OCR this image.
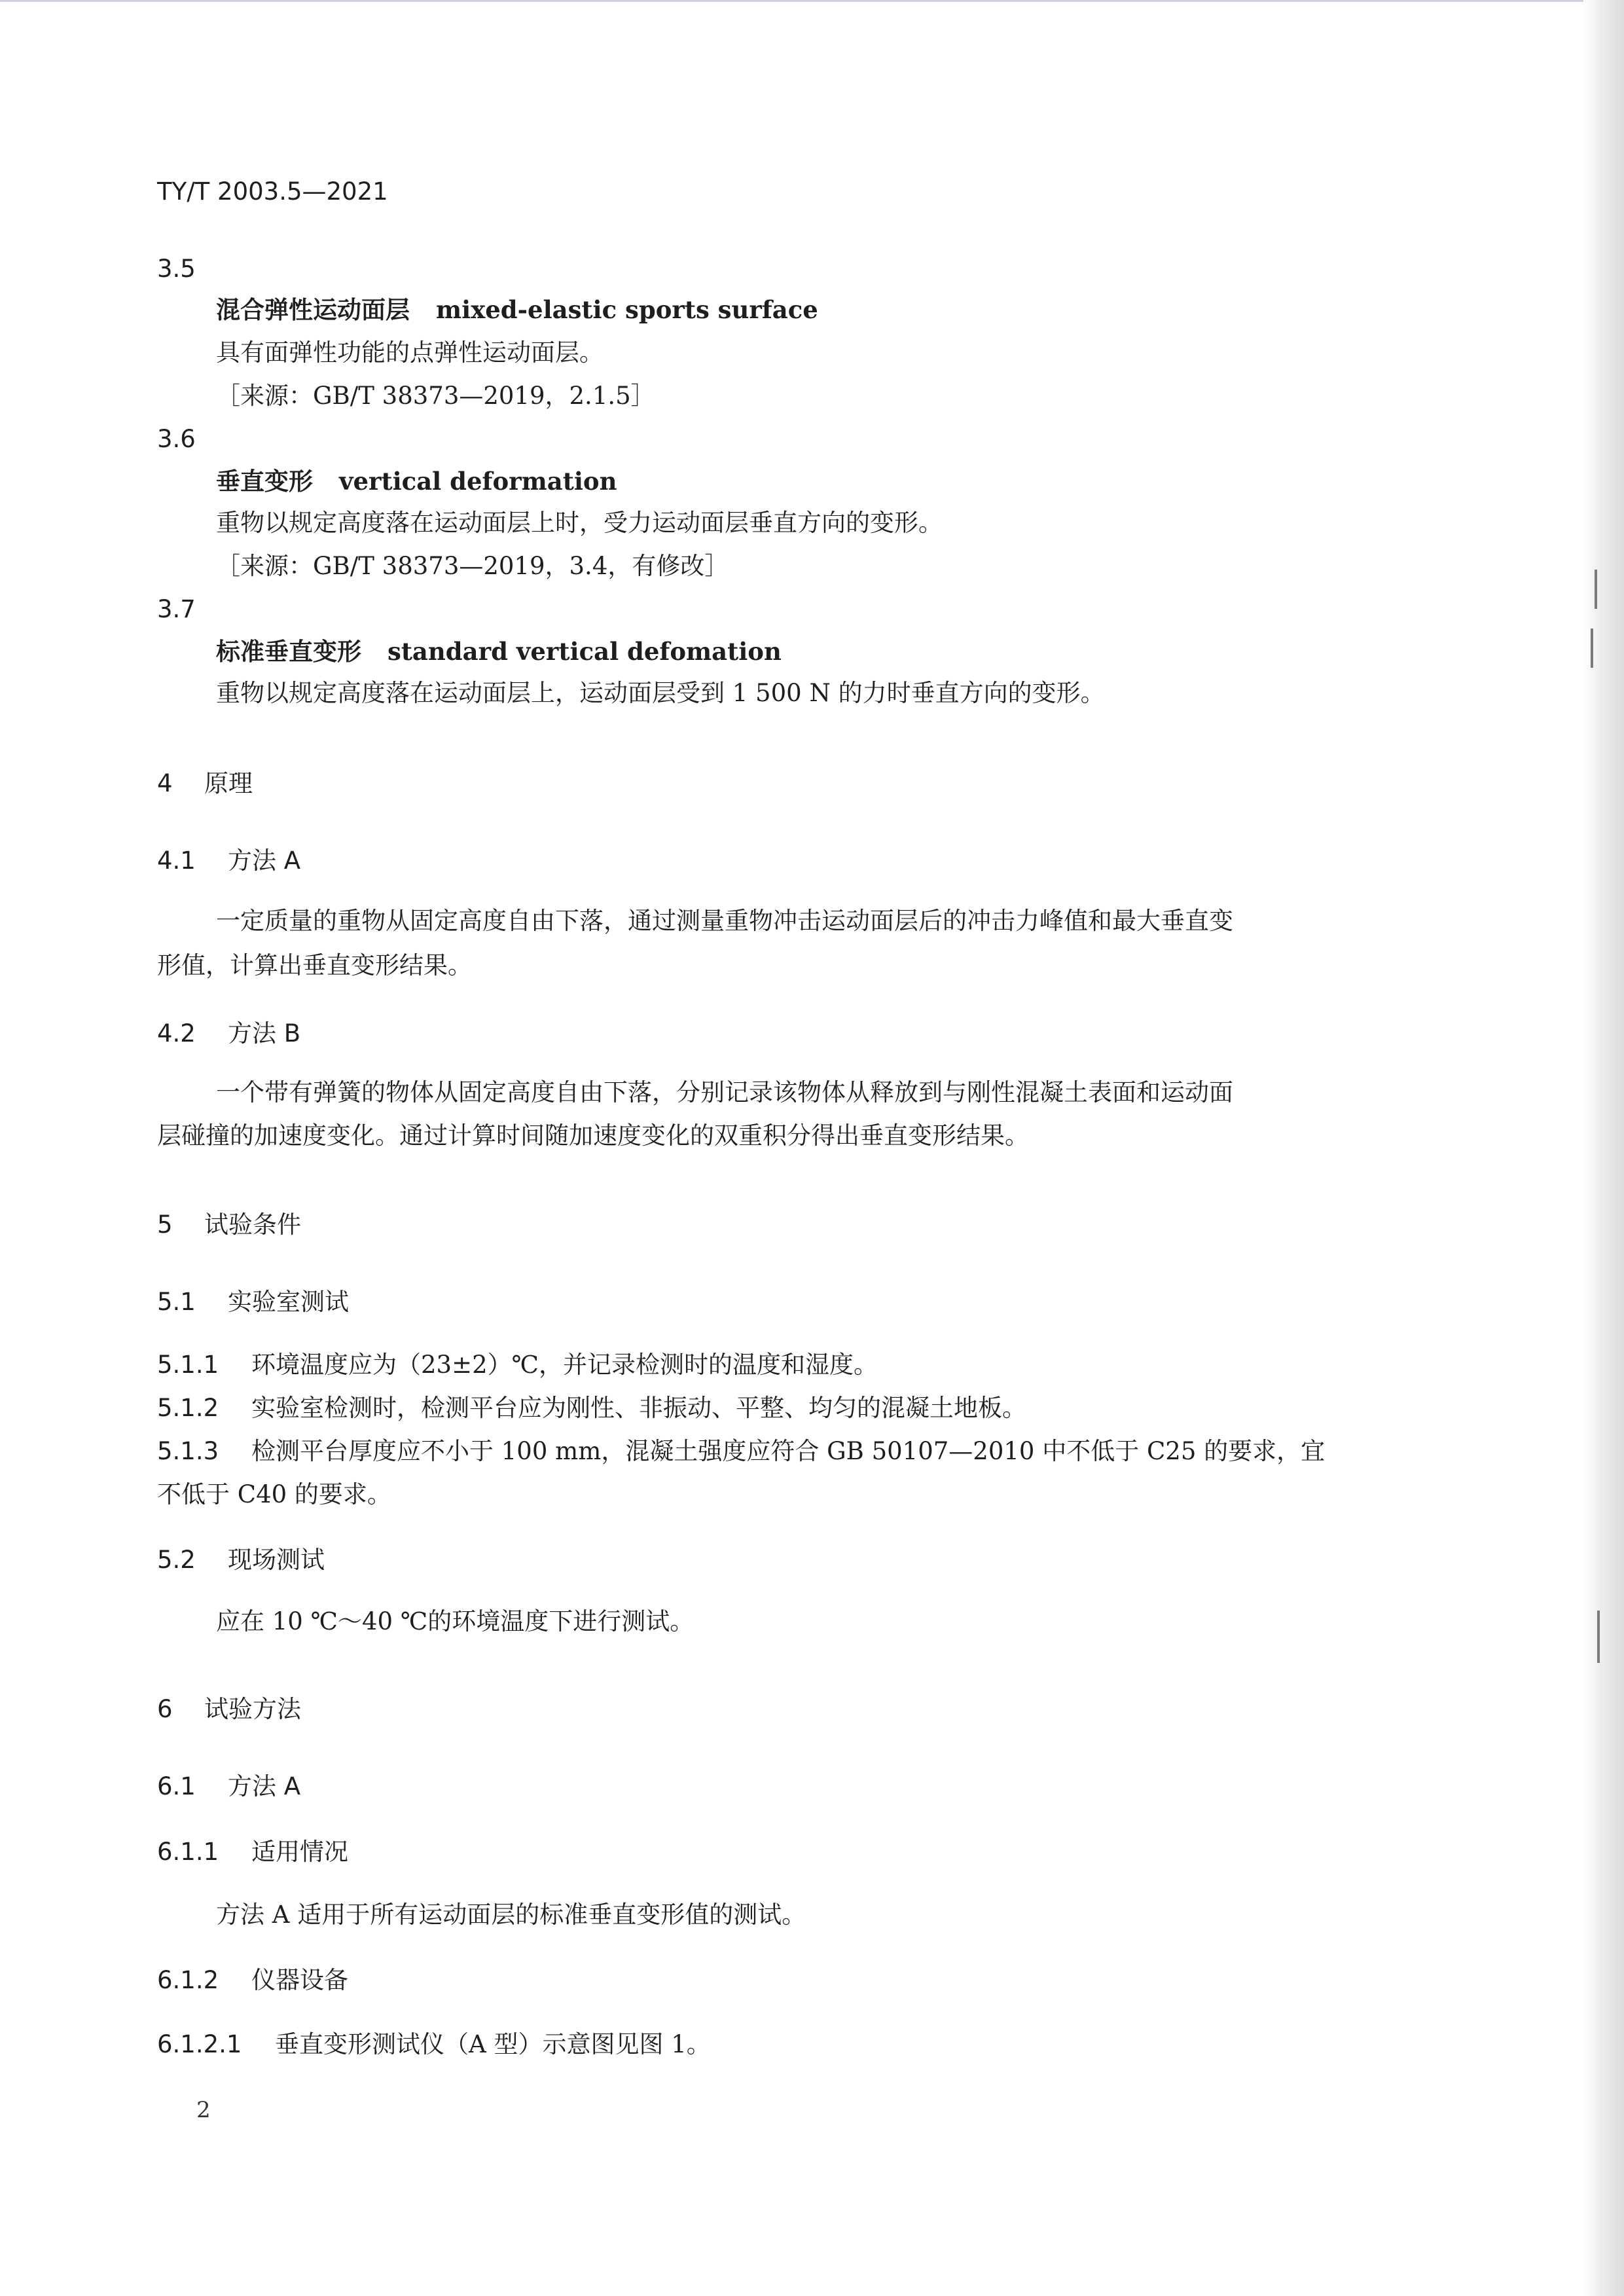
TY/T 2003.5—2021
3.5
混合弹性运动面层 mixed-elastic sports surface
具有面弹性功能的点弹性运动面层。
［来源：GB/T 38373—2019，2.1.5］
3.6
垂直变形 vertical deformation
重物以规定高度落在运动面层上时，受力运动面层垂直方向的变形。
［来源：GB/T 38373—2019，3.4，有修改］
3.7
标准垂直变形 standard vertical defomation
重物以规定高度落在运动面层上，运动面层受到 1 500 N 的力时垂直方向的变形。
4 原理
4.1 方法 A
一定质量的重物从固定高度自由下落，通过测量重物冲击运动面层后的冲击力峰值和最大垂直变
形值，计算出垂直变形结果。
4.2 方法 B
一个带有弹簧的物体从固定高度自由下落，分别记录该物体从释放到与刚性混凝土表面和运动面
层碰撞的加速度变化。通过计算时间随加速度变化的双重积分得出垂直变形结果。
5 试验条件
5.1 实验室测试
5.1.1 环境温度应为（23±2）℃，并记录检测时的温度和湿度。
5.1.2 实验室检测时，检测平台应为刚性、非振动、平整、均匀的混凝土地板。
5.1.3 检测平台厚度应不小于 100 mm，混凝土强度应符合 GB 50107—2010 中不低于 C25 的要求，宜
不低于 C40 的要求。
5.2 现场测试
应在 10 ℃～40 ℃的环境温度下进行测试。
6 试验方法
6.1 方法 A
6.1.1 适用情况
方法 A 适用于所有运动面层的标准垂直变形值的测试。
6.1.2 仪器设备
6.1.2.1 垂直变形测试仪（A 型）示意图见图 1。
2
